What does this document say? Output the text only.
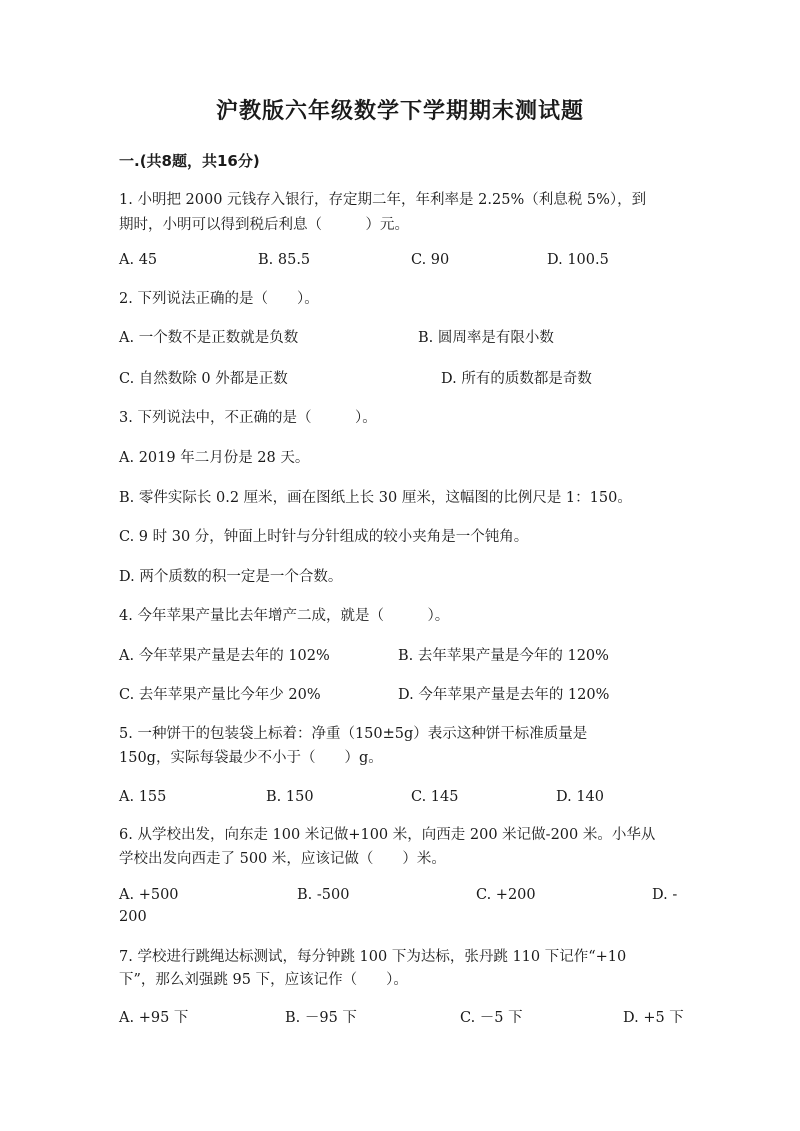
沪教版六年级数学下学期期末测试题
一.(共8题，共16分)
1. 小明把 2000 元钱存入银行，存定期二年，年利率是 2.25%（利息税 5%），到
期时，小明可以得到税后利息（　　　）元。
A. 45	B. 85.5	C. 90	D. 100.5
2. 下列说法正确的是（　　）。
A. 一个数不是正数就是负数	B. 圆周率是有限小数
C. 自然数除 0 外都是正数	D. 所有的质数都是奇数
3. 下列说法中，不正确的是（　　　）。
A. 2019 年二月份是 28 天。
B. 零件实际长 0.2 厘米，画在图纸上长 30 厘米，这幅图的比例尺是 1：150。
C. 9 时 30 分，钟面上时针与分针组成的较小夹角是一个钝角。
D. 两个质数的积一定是一个合数。
4. 今年苹果产量比去年增产二成，就是（　　　）。
A. 今年苹果产量是去年的 102%	B. 去年苹果产量是今年的 120%
C. 去年苹果产量比今年少 20%	D. 今年苹果产量是去年的 120%
5. 一种饼干的包装袋上标着：净重（150±5g）表示这种饼干标准质量是
150g，实际每袋最少不小于（　　）g。
A. 155	B. 150	C. 145	D. 140
6. 从学校出发，向东走 100 米记做+100 米，向西走 200 米记做-200 米。小华从
学校出发向西走了 500 米，应该记做（　　）米。
A. +500	B. -500	C. +200	D. -
200
7. 学校进行跳绳达标测试，每分钟跳 100 下为达标，张丹跳 110 下记作“+10
下”，那么刘强跳 95 下，应该记作（　　）。
A. +95 下	B. －95 下	C. －5 下	D. +5 下
